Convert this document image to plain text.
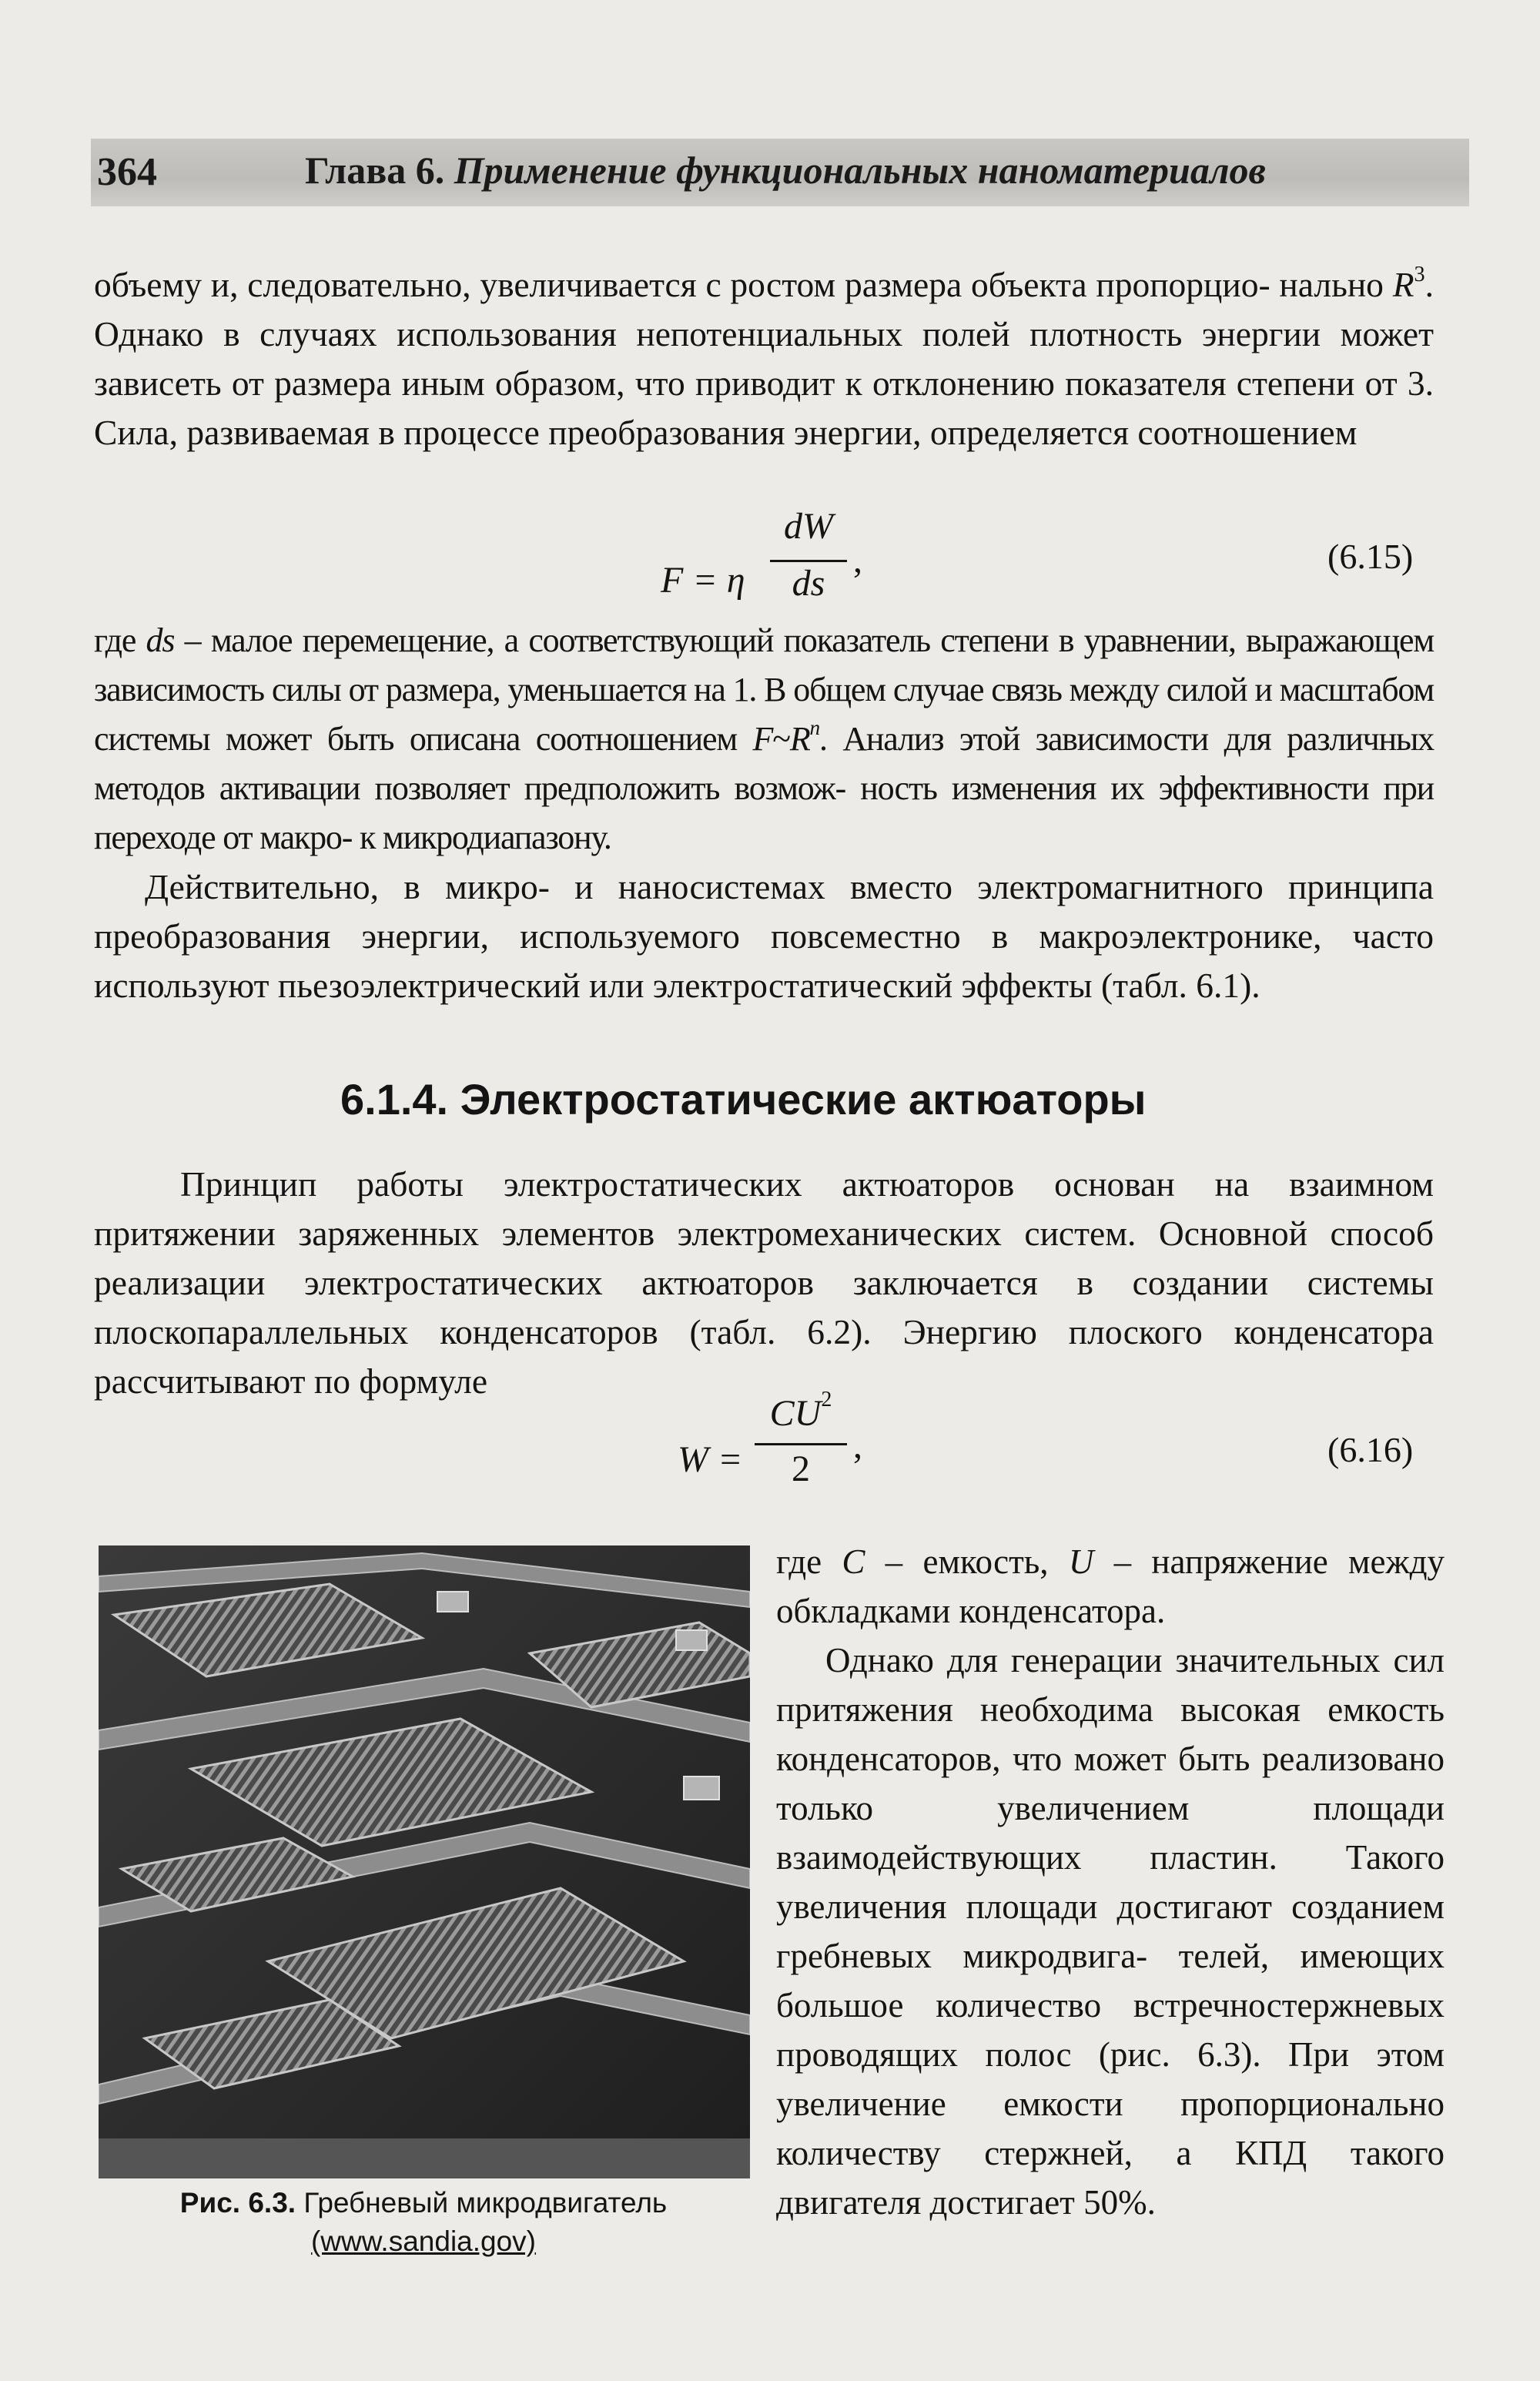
364	Глава 6. Применение функциональных наноматериалов

объему и, следовательно, увеличивается с ростом размера объекта пропорцио- нально $R^3$. Однако в случаях использования непотенциальных полей плотность энергии может зависеть от размера иным образом, что приводит к отклонению показателя степени от 3. Сила, развиваемая в процессе преобразования энергии, определяется соотношением

F = η
dW
ds
,	(6.15)

где ds – малое перемещение, а соответствующий показатель степени в уравнении, выражающем зависимость силы от размера, уменьшается на 1. В общем случае связь между силой и масштабом системы может быть описана соотношением $F\sim R^n$. Анализ этой зависимости для различных методов активации позволяет предположить возмож- ность изменения их эффективности при переходе от макро- к микродиапазону.

Действительно, в микро- и наносистемах вместо электромагнитного принципа преобразования энергии, используемого повсеместно в макроэлектронике, часто используют пьезоэлектрический или электростатический эффекты (табл. 6.1).

6.1.4. Электростатические актюаторы

Принцип работы электростатических актюаторов основан на взаимном притяжении заряженных элементов электромеханических систем. Основной способ реализации электростатических актюаторов заключается в создании системы плоскопараллельных конденсаторов (табл. 6.2). Энергию плоского конденсатора рассчитывают по формуле

W =
$CU^2$
2
,	(6.16)
Рис. 6.3. Гребневый микродвигатель
(www.sandia.gov)

где C – емкость, U – напряжение между обкладками конденсатора.

Однако для генерации значительных сил притяжения необходима высокая емкость конденсаторов, что может быть реализовано только увеличением площади взаимодействующих пластин. Такого увеличения площади достигают созданием гребневых микродвига- телей, имеющих большое количество встречностержневых проводящих полос (рис. 6.3). При этом увеличение емкости пропорционально количеству стержней, а КПД такого двигателя достигает 50%.
